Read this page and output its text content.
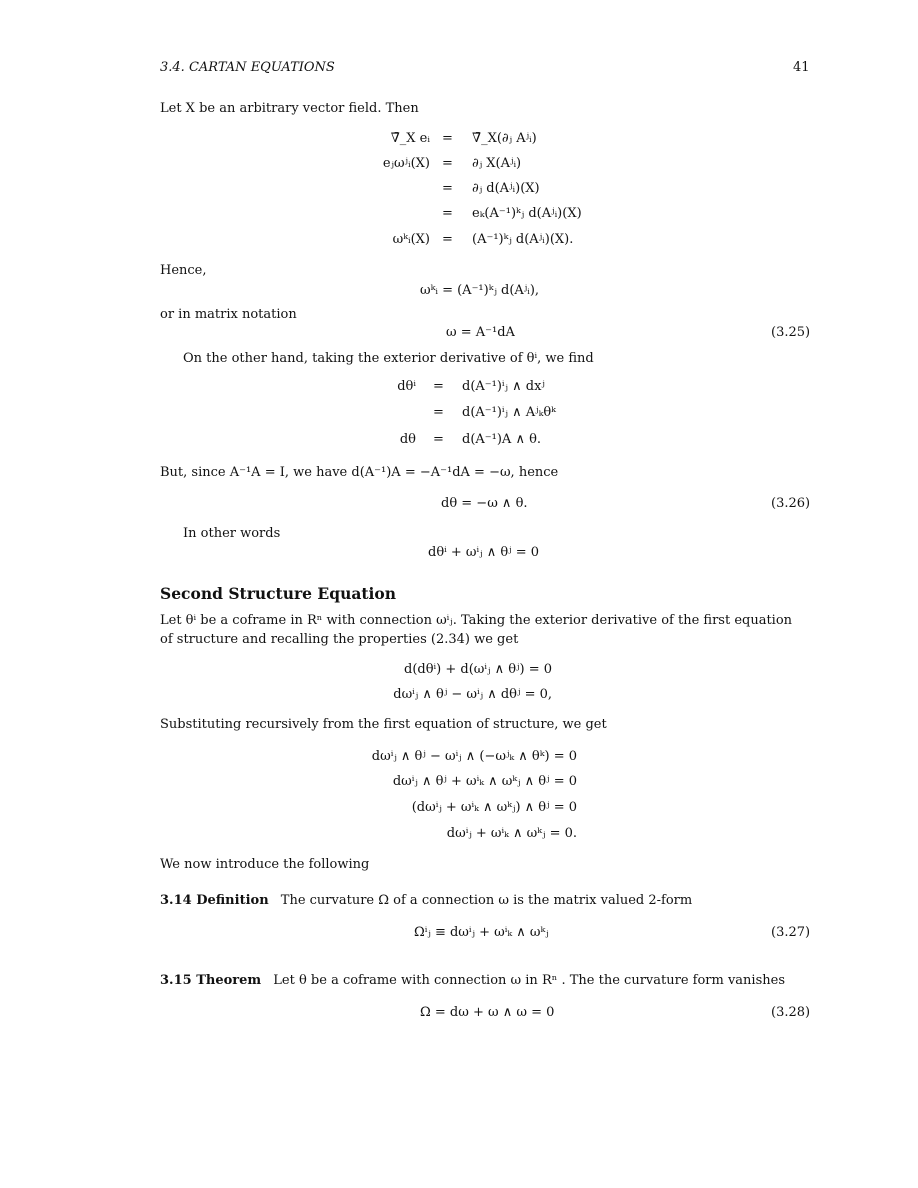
3.4. CARTAN EQUATIONS	41
Let X be an arbitrary vector field. Then
∇̄_X eᵢ = ∇̄_X(∂ⱼ Aʲᵢ)
eⱼωʲᵢ(X) = ∂ⱼ X(Aʲᵢ)
= ∂ⱼ d(Aʲᵢ)(X)
= eₖ(A⁻¹)ᵏⱼ d(Aʲᵢ)(X)
ωᵏᵢ(X) = (A⁻¹)ᵏⱼ d(Aʲᵢ)(X).
Hence,
ωᵏᵢ = (A⁻¹)ᵏⱼ d(Aʲᵢ),
or in matrix notation
ω = A⁻¹dA	(3.25)
On the other hand, taking the exterior derivative of θⁱ, we find
dθⁱ = d(A⁻¹)ⁱⱼ ∧ dxʲ
= d(A⁻¹)ⁱⱼ ∧ Aʲₖθᵏ
dθ = d(A⁻¹)A ∧ θ.
But, since A⁻¹A = I, we have d(A⁻¹)A = −A⁻¹dA = −ω, hence
dθ = −ω ∧ θ.	(3.26)
In other words
dθⁱ + ωⁱⱼ ∧ θʲ = 0
Second Structure Equation
Let θⁱ be a coframe in Rⁿ with connection ωⁱⱼ. Taking the exterior derivative of the first equation
of structure and recalling the properties (2.34) we get
d(dθⁱ) + d(ωⁱⱼ ∧ θʲ) = 0
dωⁱⱼ ∧ θʲ − ωⁱⱼ ∧ dθʲ = 0,
Substituting recursively from the first equation of structure, we get
dωⁱⱼ ∧ θʲ − ωⁱⱼ ∧ (−ωʲₖ ∧ θᵏ) = 0
dωⁱⱼ ∧ θʲ + ωⁱₖ ∧ ωᵏⱼ ∧ θʲ = 0
(dωⁱⱼ + ωⁱₖ ∧ ωᵏⱼ) ∧ θʲ = 0
dωⁱⱼ + ωⁱₖ ∧ ωᵏⱼ = 0.
We now introduce the following
3.14 Definition The curvature Ω of a connection ω is the matrix valued 2-form
Ωⁱⱼ ≡ dωⁱⱼ + ωⁱₖ ∧ ωᵏⱼ	(3.27)
3.15 Theorem Let θ be a coframe with connection ω in Rⁿ . The the curvature form vanishes
Ω = dω + ω ∧ ω = 0	(3.28)
